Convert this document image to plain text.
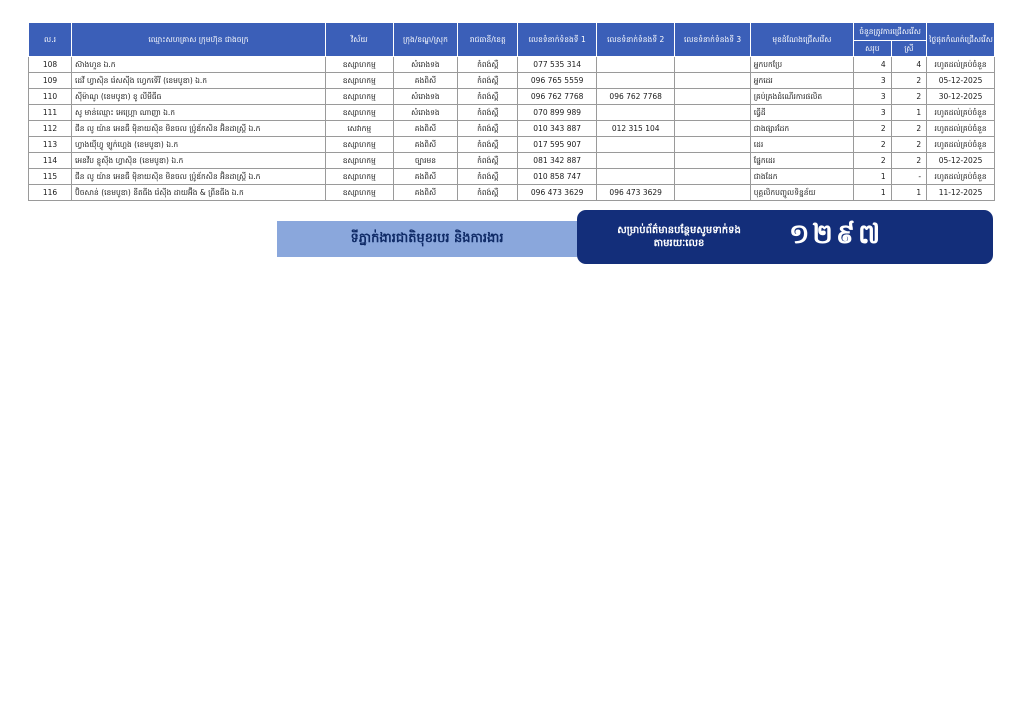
ល.រ	ឈ្មោះសហគ្រាស ក្រុមហ៊ុន ជាងចក្រ	វិស័យ	ក្រុង/ខណ្ឌ/ស្រុក	រាជធានី/ខេត្ត	លេខទំនាក់ទំនងទី 1	លេខទំនាក់ទំនងទី 2	លេខទំនាក់ទំនងទី 3	មុខដំណែងជ្រើសរើស	ចំនួនត្រូវការជ្រើសរើស		ថ្ងៃផុតកំណត់ជ្រើសរើស
									សរុប	ស្រី	
108	ស៊ាងហួន ឯ.ក	ឧស្សាហកម្ម	សំរោងទង	កំពង់ស្ពឺ	077 535 314			អ្នកបកប្រែ	4	4	រហូតដល់គ្រប់ចំនួន
109	ដេវី ហ្វាស៊ិន រ៉េសស៊ីង ហ្វេកទើរី (ខេមបូឌា) ឯ.ក	ឧស្សាហកម្ម	គងពិសី	កំពង់ស្ពឺ	096 765 5559			អ្នកដេរ	3	2	05-12-2025
110	ស៊ីម៉ាណូ (ខេមបូឌា) ខូ លីមីធីធ	ឧស្សាហកម្ម	សំរោងទង	កំពង់ស្ពឺ	096 762 7768	096 762 7768		គ្រប់គ្រងដំណើរការផលិត	3	2	30-12-2025
111	សូ មាន់ឈ្មោះ អេហ្គ្រោ ណាញា ឯ.ក	ឧស្សាហកម្ម	សំរោងទង	កំពង់ស្ពឺ	070 899 989			ធ្វើដី	3	1	រហូតដល់គ្រប់ចំនួន
112	ជីន លូ យ៉ាន អេនធឺ ម៉ិនាយស៊ិន មិនចល ប្រ៉ូឌ័កសិន អ៊ិនដាស្ត្រី ឯ.ក	សេវាកម្ម	គងពិសី	កំពង់ស្ពឺ	010 343 887	012 315 104		ជាងផ្សារដែក	2	2	រហូតដល់គ្រប់ចំនួន
113	ហ្វាងយ៉ីហ្វូ ឡូក់ហ្គេង (ខេមបូឌា) ឯ.ក	ឧស្សាហកម្ម	គងពិសី	កំពង់ស្ពឺ	017 595 907			ដេរ	2	2	រហូតដល់គ្រប់ចំនួន
114	អេនវីប ខ្លូស៊ីង ហ្វាស៊ិន (ខេមបូឌា) ឯ.ក	ឧស្សាហកម្ម	ច្បារមន	កំពង់ស្ពឺ	081 342 887			ផ្នែកដេរ	2	2	05-12-2025
115	ជីន លូ យ៉ាន អេនធឺ ម៉ិនាយស៊ិន មិនចល ប្រ៉ូឌ័កសិន អ៊ិនដាស្ត្រី ឯ.ក	ឧស្សាហកម្ម	គងពិសី	កំពង់ស្ពឺ	010 858 747			ជាងដែក	1	-	រហូតដល់គ្រប់ចំនួន
116	ប៊ិចសាន់ (ខេមបូឌា) នីតធីង រ៉េស៊ីង ដាយអ៊ីង & ព្រីនធីង ឯ.ក	ឧស្សាហកម្ម	គងពិសី	កំពង់ស្ពឺ	096 473 3629	096 473 3629		បុគ្គលិកបញ្ចូលទិន្នន័យ	1	1	11-12-2025
ទីភ្នាក់ងារជាតិមុខរបរ និងការងារ	សម្រាប់ព័ត៌មានបន្ថែមសូមទាក់ទងតាមរយៈលេខ	១២៩៧
